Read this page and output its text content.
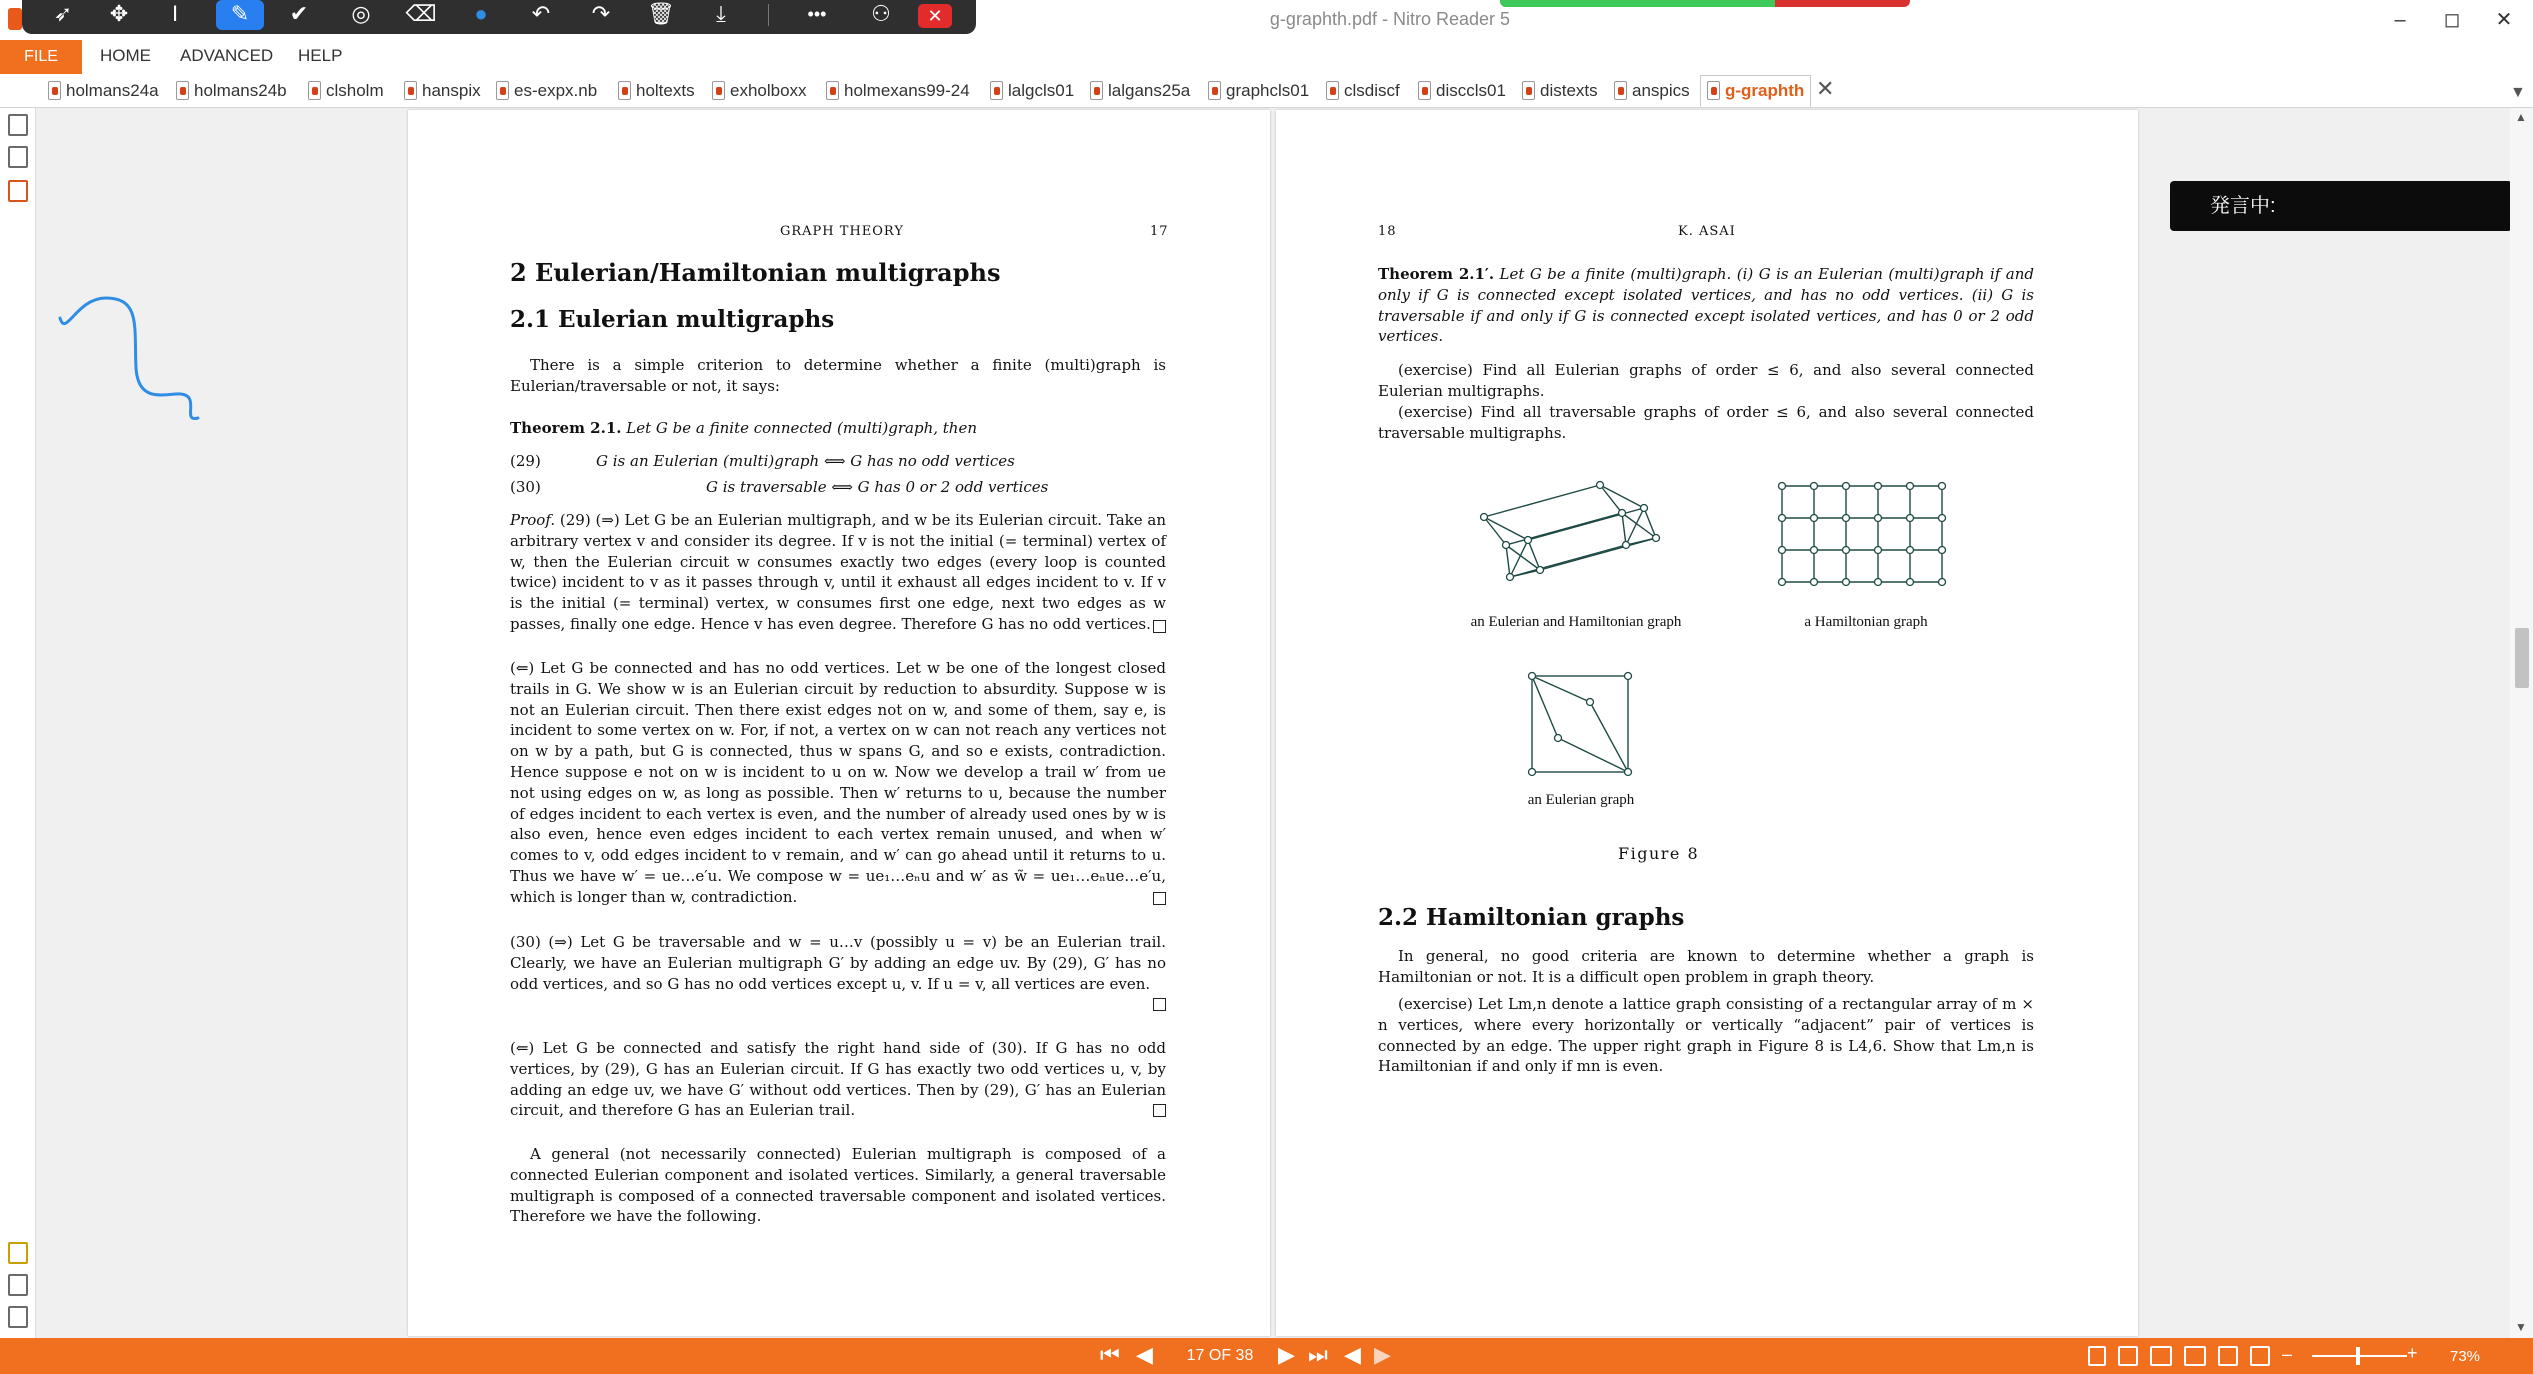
g-graphth.pdf - Nitro Reader 5	–	◻	✕
➶	✥	I	✎	✔	◎	⌫	●	↶	↷	🗑	⤓	•••	⚇	✕
FILE	HOME ADVANCED HELP
holmans24a	holmans24b	clsholm	hanspix	es-expx.nb	holtexts	exholboxx	holmexans99-24	lalgcls01	lalgans25a	graphcls01	clsdiscf	disccls01	distexts	anspics	g-graphth ✕	▼
GRAPH THEORY	17
2 Eulerian/Hamiltonian multigraphs
2.1 Eulerian multigraphs
There is a simple criterion to determine whether a finite (multi)graph is Eulerian/traversable or not, it says:
Theorem 2.1. Let G be a finite connected (multi)graph, then
(29)	G is an Eulerian (multi)graph ⟺ G has no odd vertices
(30)	G is traversable ⟺ G has 0 or 2 odd vertices
Proof. (29) (⇒) Let G be an Eulerian multigraph, and w be its Eulerian circuit. Take an arbitrary vertex v and consider its degree. If v is not the initial (= terminal) vertex of w, then the Eulerian circuit w consumes exactly two edges (every loop is counted twice) incident to v as it passes through v, until it exhaust all edges incident to v. If v is the initial (= terminal) vertex, w consumes first one edge, next two edges as w passes, finally one edge. Hence v has even degree. Therefore G has no odd vertices.
(⇐) Let G be connected and has no odd vertices. Let w be one of the longest closed trails in G. We show w is an Eulerian circuit by reduction to absurdity. Suppose w is not an Eulerian circuit. Then there exist edges not on w, and some of them, say e, is incident to some vertex on w. For, if not, a vertex on w can not reach any vertices not on w by a path, but G is connected, thus w spans G, and so e exists, contradiction. Hence suppose e not on w is incident to u on w. Now we develop a trail w′ from ue not using edges on w, as long as possible. Then w′ returns to u, because the number of edges incident to each vertex is even, and the number of already used ones by w is also even, hence even edges incident to each vertex remain unused, and when w′ comes to v, odd edges incident to v remain, and w′ can go ahead until it returns to u. Thus we have w′ = ue…e′u. We compose w = ue₁…eₙu and w′ as w̃ = ue₁…eₙue…e′u, which is longer than w, contradiction.
(30) (⇒) Let G be traversable and w = u…v (possibly u = v) be an Eulerian trail. Clearly, we have an Eulerian multigraph G′ by adding an edge uv. By (29), G′ has no odd vertices, and so G has no odd vertices except u, v. If u = v, all vertices are even.
(⇐) Let G be connected and satisfy the right hand side of (30). If G has no odd vertices, by (29), G has an Eulerian circuit. If G has exactly two odd vertices u, v, by adding an edge uv, we have G′ without odd vertices. Then by (29), G′ has an Eulerian circuit, and therefore G has an Eulerian trail.
A general (not necessarily connected) Eulerian multigraph is composed of a connected Eulerian component and isolated vertices. Similarly, a general traversable multigraph is composed of a connected traversable component and isolated vertices. Therefore we have the following.
18	K. ASAI
Theorem 2.1′. Let G be a finite (multi)graph. (i) G is an Eulerian (multi)graph if and only if G is connected except isolated vertices, and has no odd vertices. (ii) G is traversable if and only if G is connected except isolated vertices, and has 0 or 2 odd vertices.
(exercise) Find all Eulerian graphs of order ≤ 6, and also several connected Eulerian multigraphs.
(exercise) Find all traversable graphs of order ≤ 6, and also several connected traversable multigraphs.
an Eulerian and Hamiltonian graph	a Hamiltonian graph
an Eulerian graph
Figure 8
2.2 Hamiltonian graphs
In general, no good criteria are known to determine whether a graph is Hamiltonian or not. It is a difficult open problem in graph theory.
(exercise) Let Lm,n denote a lattice graph consisting of a rectangular array of m × n vertices, where every horizontally or vertically “adjacent” pair of vertices is connected by an edge. The upper right graph in Figure 8 is L4,6. Show that Lm,n is Hamiltonian if and only if mn is even.
発言中:
▲
▼
⏮ ◀	17 OF 38	▶ ⏭ ◀ ▶	–	+ 73%
